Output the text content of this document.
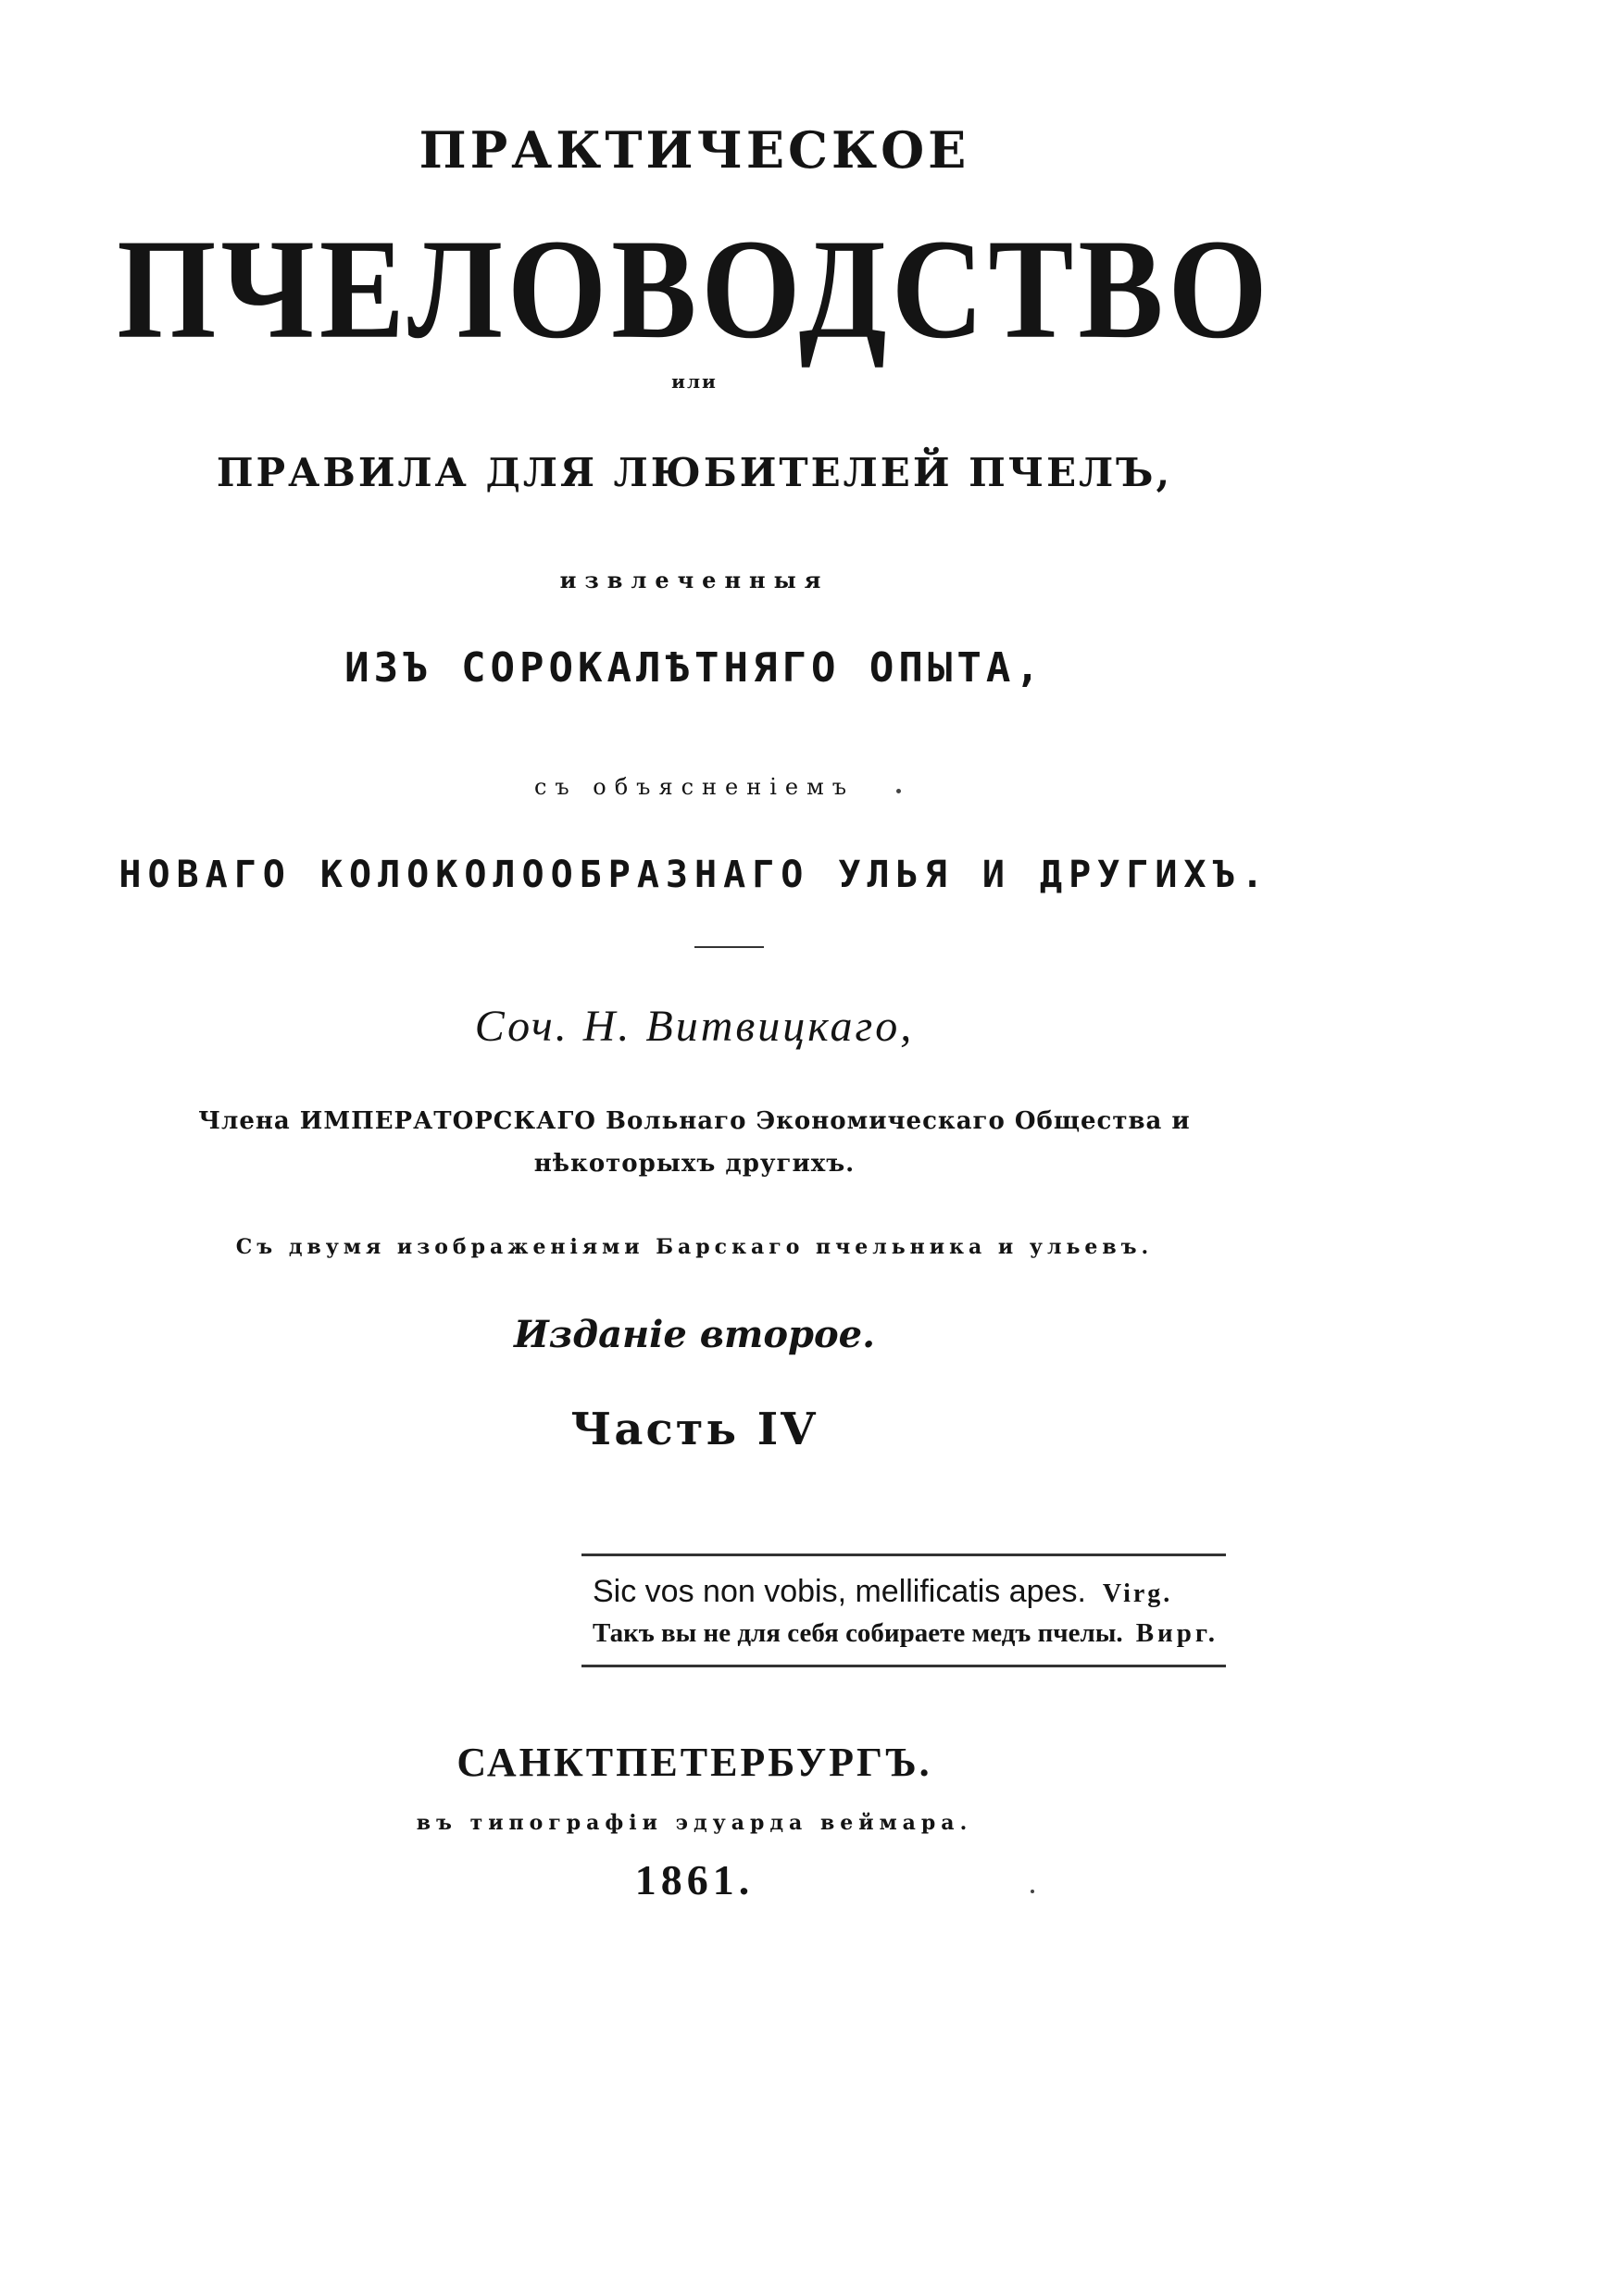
ПРАКТИЧЕСКОЕ
ПЧЕЛОВОДСТВО
или
ПРАВИЛА ДЛЯ ЛЮБИТЕЛЕЙ ПЧЕЛЪ,
извлеченныя
ИЗЪ СОРОКАЛѢТНЯГО ОПЫТА,
съ объясненіемъ
НОВАГО КОЛОКОЛООБРАЗНАГО УЛЬЯ И ДРУГИХЪ.
Соч. Н. Витвицкаго,
Члена ИМПЕРАТОРСКАГО Вольнаго Экономическаго Общества и
нѣкоторыхъ другихъ.
Съ двумя изображеніями Барскаго пчельника и ульевъ.
Изданіе второе.
Часть IV
Sic vos non vobis, mellificatis apes. Virg.
Такъ вы не для себя собираете медъ пчелы. Вирг.
САНКТПЕТЕРБУРГЪ.
въ типографіи эдуарда веймара.
1861.
